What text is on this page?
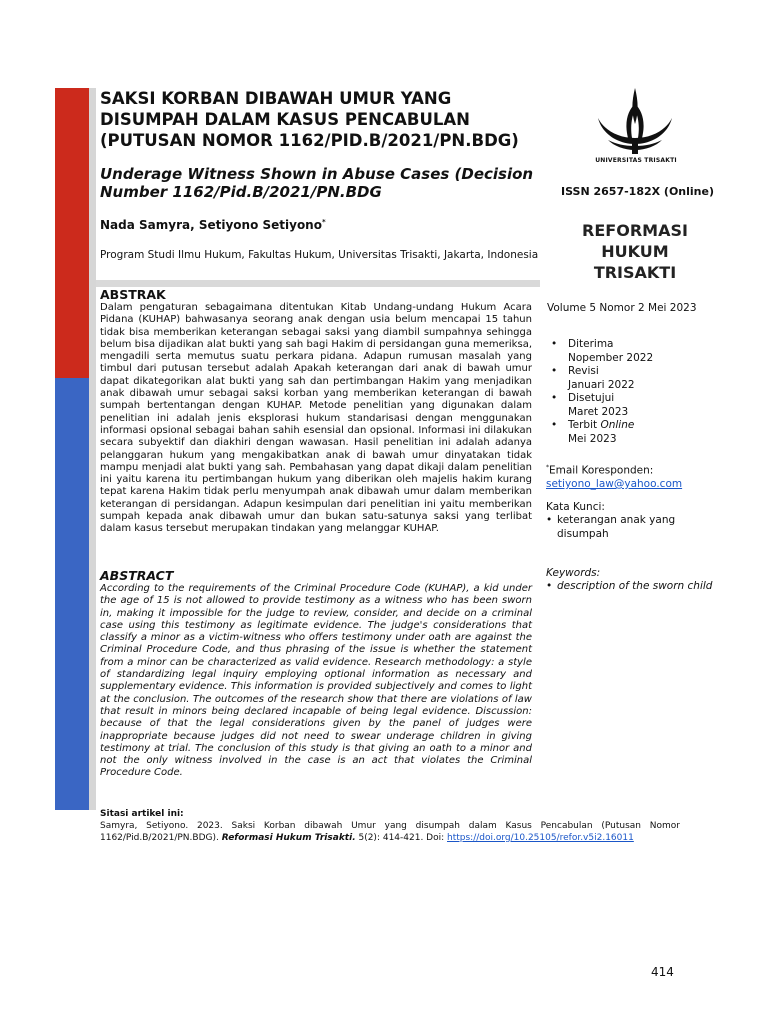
SAKSI KORBAN DIBAWAH UMUR YANG DISUMPAH DALAM KASUS PENCABULAN (PUTUSAN NOMOR 1162/PID.B/2021/PN.BDG)
Underage Witness Shown in Abuse Cases (Decision Number 1162/Pid.B/2021/PN.BDG
Nada Samyra, Setiyono Setiyono*
Program Studi Ilmu Hukum, Fakultas Hukum, Universitas Trisakti, Jakarta, Indonesia
ABSTRAK

Dalam pengaturan sebagaimana ditentukan Kitab Undang-undang Hukum Acara Pidana (KUHAP) bahwasanya seorang anak dengan usia belum mencapai 15 tahun tidak bisa memberikan keterangan sebagai saksi yang diambil sumpahnya sehingga belum bisa dijadikan alat bukti yang sah bagi Hakim di persidangan guna memeriksa, mengadili serta memutus suatu perkara pidana. Adapun rumusan masalah yang timbul dari putusan tersebut adalah Apakah keterangan dari anak di bawah umur dapat dikategorikan alat bukti yang sah dan pertimbangan Hakim yang menjadikan anak dibawah umur sebagai saksi korban yang memberikan keterangan di bawah sumpah bertentangan dengan KUHAP. Metode penelitian yang digunakan dalam penelitian ini adalah jenis eksplorasi hukum standarisasi dengan menggunakan informasi opsional sebagai bahan sahih esensial dan opsional. Informasi ini dilakukan secara subyektif dan diakhiri dengan wawasan. Hasil penelitian ini adalah adanya pelanggaran hukum yang mengakibatkan anak di bawah umur dinyatakan tidak mampu menjadi alat bukti yang sah. Pembahasan yang dapat dikaji dalam penelitian ini yaitu karena itu pertimbangan hukum yang diberikan oleh majelis hakim kurang tepat karena Hakim tidak perlu menyumpah anak dibawah umur dalam memberikan keterangan di persidangan. Adapun kesimpulan dari penelitian ini yaitu memberikan sumpah kepada anak dibawah umur dan bukan satu-satunya saksi yang terlibat dalam kasus tersebut merupakan tindakan yang melanggar KUHAP.

ABSTRACT

According to the requirements of the Criminal Procedure Code (KUHAP), a kid under the age of 15 is not allowed to provide testimony as a witness who has been sworn in, making it impossible for the judge to review, consider, and decide on a criminal case using this testimony as legitimate evidence. The judge's considerations that classify a minor as a victim-witness who offers testimony under oath are against the Criminal Procedure Code, and thus phrasing of the issue is whether the statement from a minor can be characterized as valid evidence. Research methodology: a style of standardizing legal inquiry employing optional information as necessary and supplementary evidence. This information is provided subjectively and comes to light at the conclusion. The outcomes of the research show that there are violations of law that result in minors being declared incapable of being legal evidence. Discussion: because of that the legal considerations given by the panel of judges were inappropriate because judges did not need to swear underage children in giving testimony at trial. The conclusion of this study is that giving an oath to a minor and not the only witness involved in the case is an act that violates the Criminal Procedure Code.

Sitasi artikel ini:

Samyra, Setiyono. 2023. Saksi Korban dibawah Umur yang disumpah dalam Kasus Pencabulan (Putusan Nomor 1162/Pid.B/2021/PN.BDG). Reformasi Hukum Trisakti. 5(2): 414-421. Doi: https://doi.org/10.25105/refor.v5i2.16011

UNIVERSITAS TRISAKTI
ISSN 2657-182X (Online)
REFORMASI
HUKUM
TRISAKTI
Volume 5 Nomor 2 Mei 2023
• Diterima
Nopember 2022
• Revisi
Januari 2022
• Disetujui
Maret 2023
• Terbit Online
Mei 2023
*Email Koresponden:
setiyono_law@yahoo.com
Kata Kunci:
• keterangan anak yang disumpah
Keywords:
• description of the sworn child
414
